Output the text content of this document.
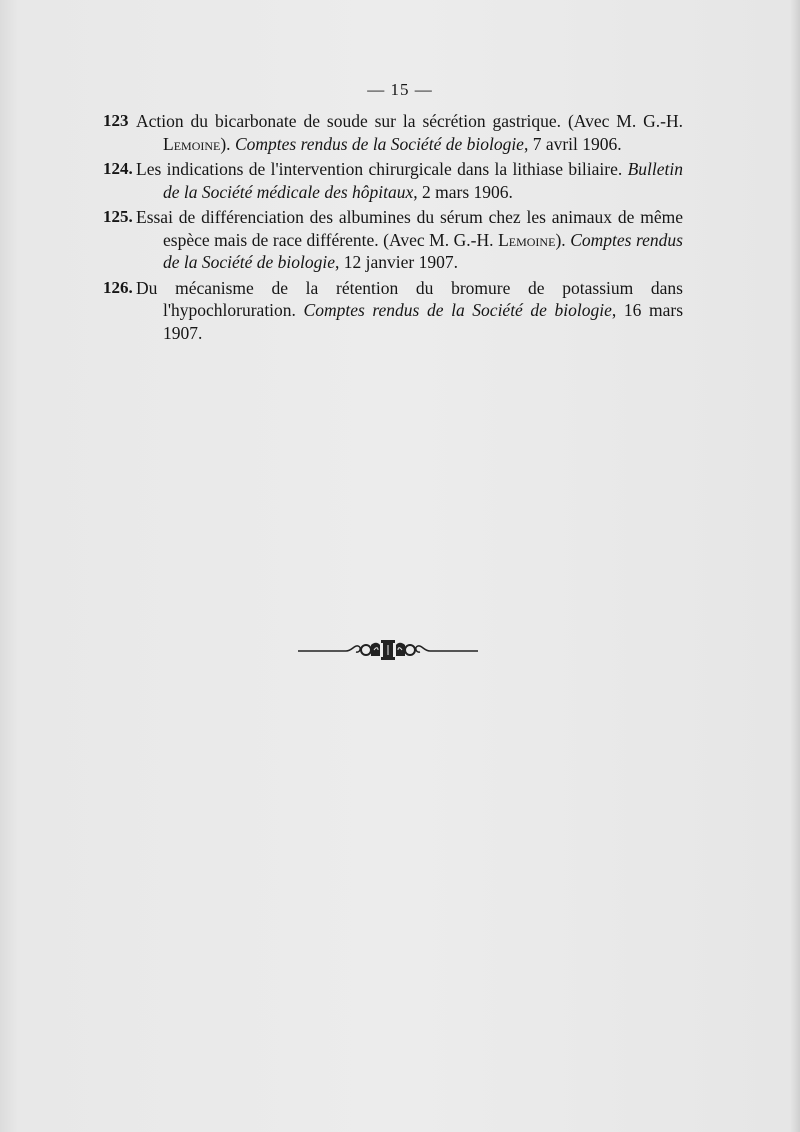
— 15 —
123 Action du bicarbonate de soude sur la sécrétion gastrique. (Avec M. G.-H. Lemoine). Comptes rendus de la Société de biologie, 7 avril 1906.
124. Les indications de l'intervention chirurgicale dans la lithiase biliaire. Bulletin de la Société médicale des hôpitaux, 2 mars 1906.
125. Essai de différenciation des albumines du sérum chez les animaux de même espèce mais de race différente. (Avec M. G.-H. Lemoine). Comptes rendus de la Société de biologie, 12 janvier 1907.
126. Du mécanisme de la rétention du bromure de potassium dans l'hypochloruration. Comptes rendus de la Société de biologie, 16 mars 1907.
